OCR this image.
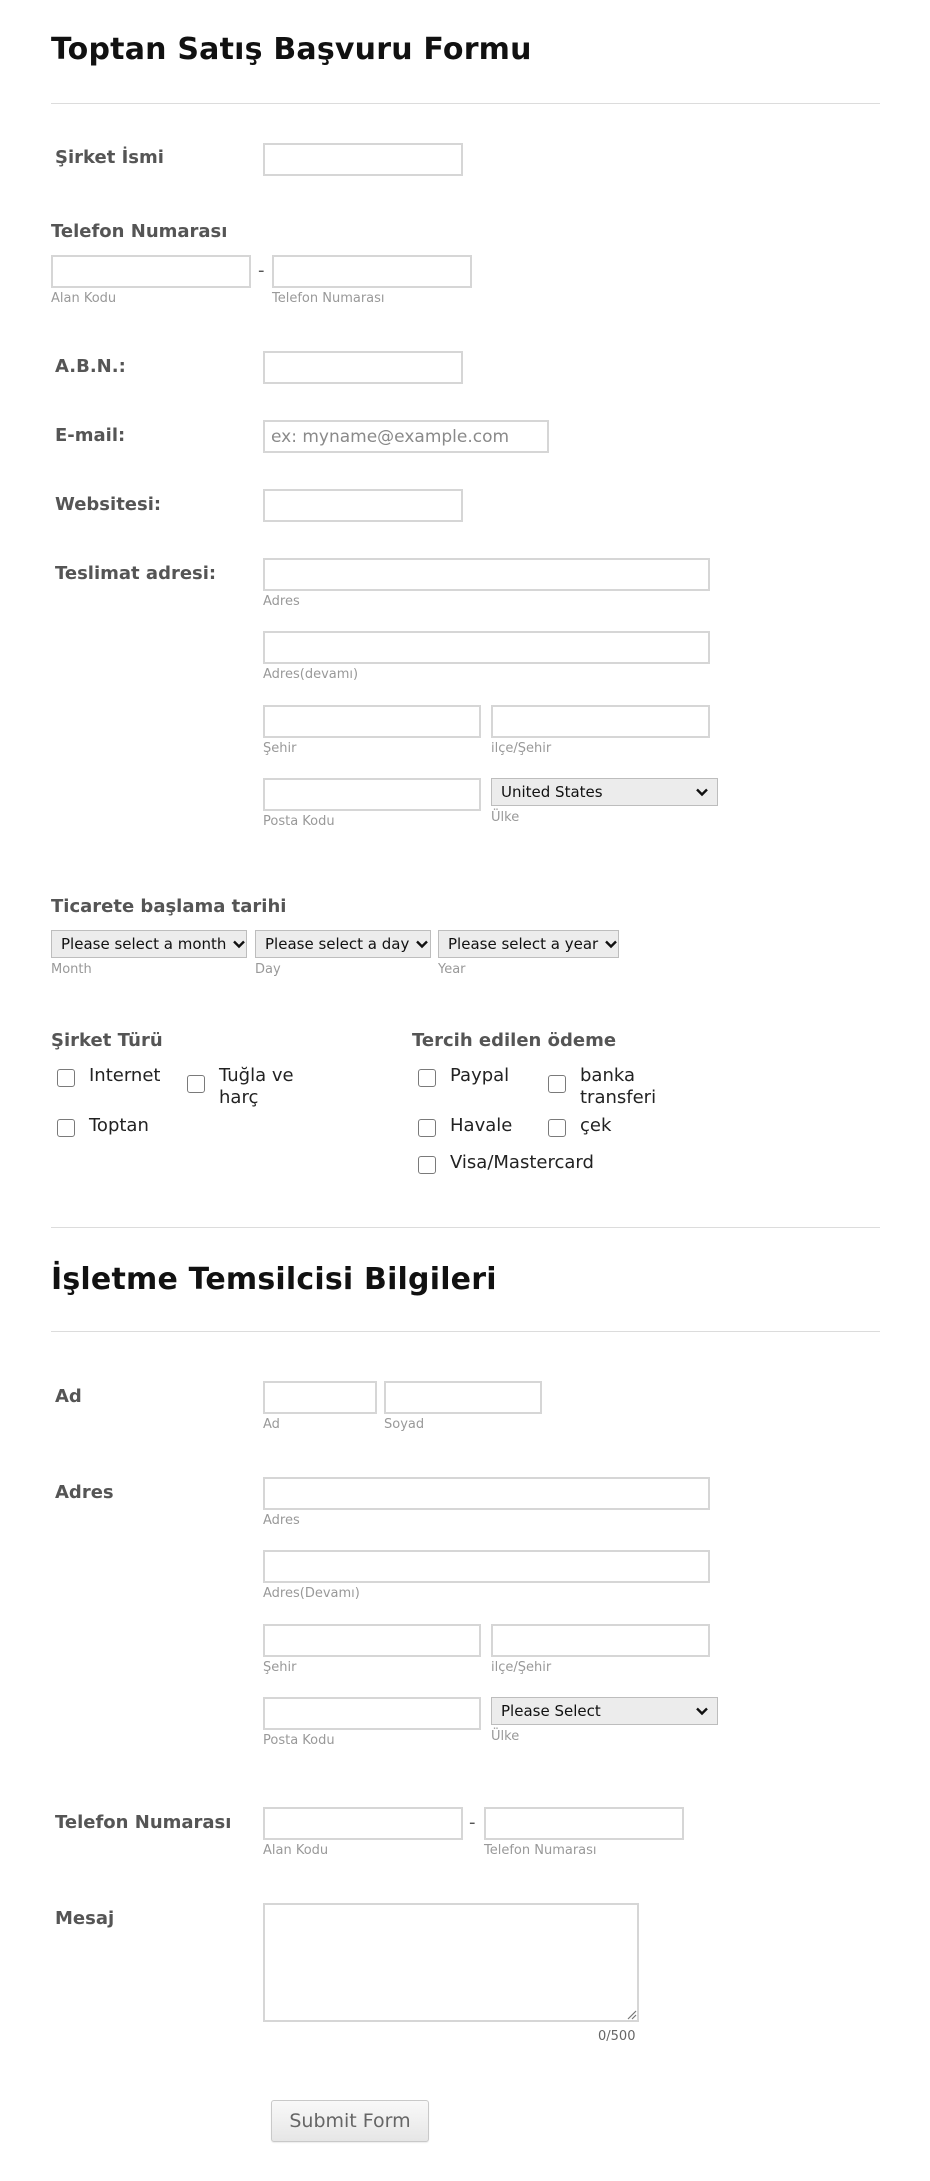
Toptan Satış Başvuru Formu
Şirket İsmi
Telefon Numarası
-
Alan Kodu	Telefon Numarası
A.B.N.:
E-mail:
ex: myname@example.com
Websitesi:
Teslimat adresi:
Adres
Adres(devamı)
Şehir	ilçe/Şehir
United States
Posta Kodu	Ülke
Ticarete başlama tarihi
Please select a month	Please select a day	Please select a year
Month	Day	Year
Şirket Türü
Internet	Tuğla ve harç
Toptan
Tercih edilen ödeme
Paypal	banka transferi
Havale	çek
Visa/Mastercard
İşletme Temsilcisi Bilgileri
Ad
Ad	Soyad
Adres
Adres
Adres(Devamı)
Şehir	ilçe/Şehir
Please Select
Posta Kodu	Ülke
Telefon Numarası	-
Alan Kodu	Telefon Numarası
Mesaj
0/500
Submit Form
